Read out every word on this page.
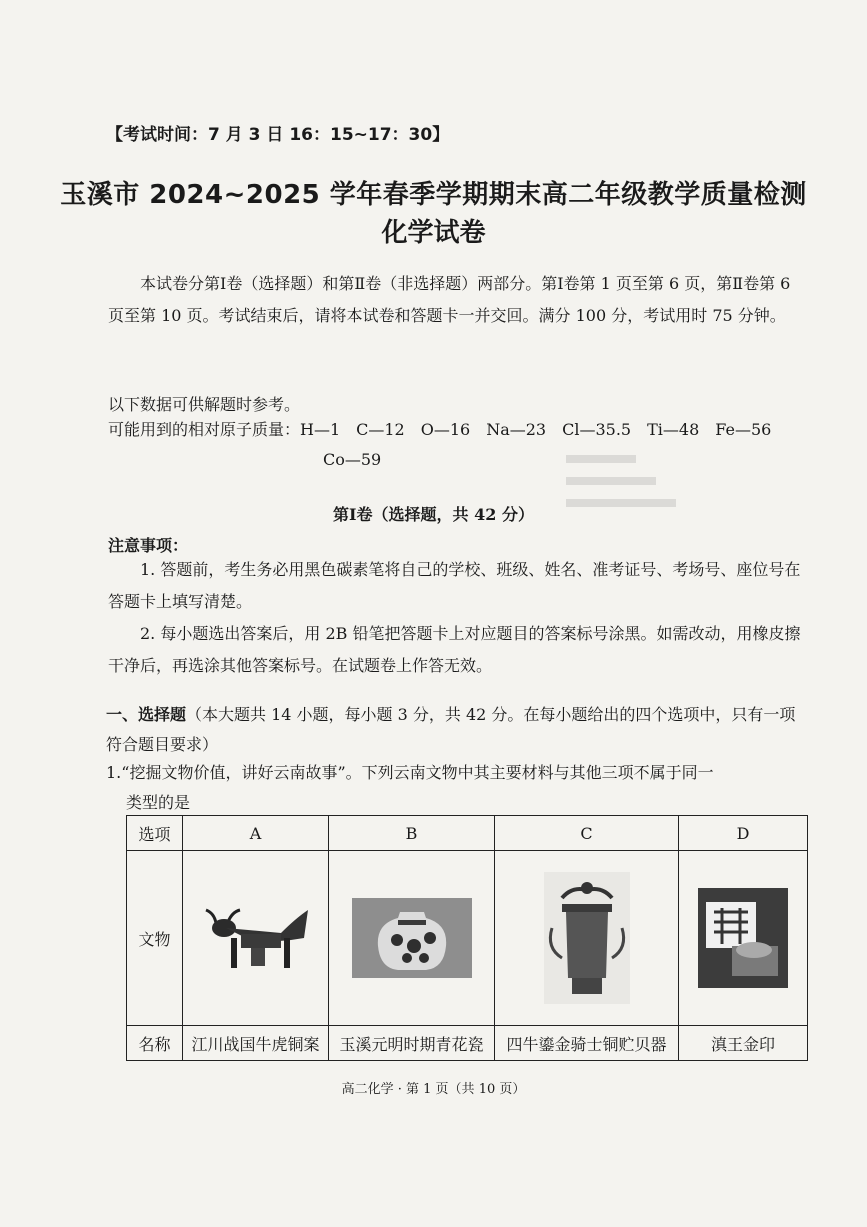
【考试时间：7 月 3 日 16：15~17：30】
玉溪市 2024~2025 学年春季学期期末高二年级教学质量检测
化学试卷
本试卷分第Ⅰ卷（选择题）和第Ⅱ卷（非选择题）两部分。第Ⅰ卷第 1 页至第 6 页，第Ⅱ卷第 6 页至第 10 页。考试结束后，请将本试卷和答题卡一并交回。满分 100 分，考试用时 75 分钟。
以下数据可供解题时参考。
可能用到的相对原子质量：H—1　C—12　O—16　Na—23　Cl—35.5　Ti—48　Fe—56
Co—59
第Ⅰ卷（选择题，共 42 分）
注意事项：
1. 答题前，考生务必用黑色碳素笔将自己的学校、班级、姓名、准考证号、考场号、座位号在答题卡上填写清楚。
2. 每小题选出答案后，用 2B 铅笔把答题卡上对应题目的答案标号涂黑。如需改动，用橡皮擦干净后，再选涂其他答案标号。在试题卷上作答无效。
一、选择题（本大题共 14 小题，每小题 3 分，共 42 分。在每小题给出的四个选项中，只有一项符合题目要求）
1.“挖掘文物价值，讲好云南故事”。下列云南文物中其主要材料与其他三项不属于同一
类型的是
选项	A	B	C	D
文物	

名称	江川战国牛虎铜案	玉溪元明时期青花瓷	四牛鎏金骑士铜贮贝器	滇王金印
高二化学 · 第 1 页（共 10 页）
